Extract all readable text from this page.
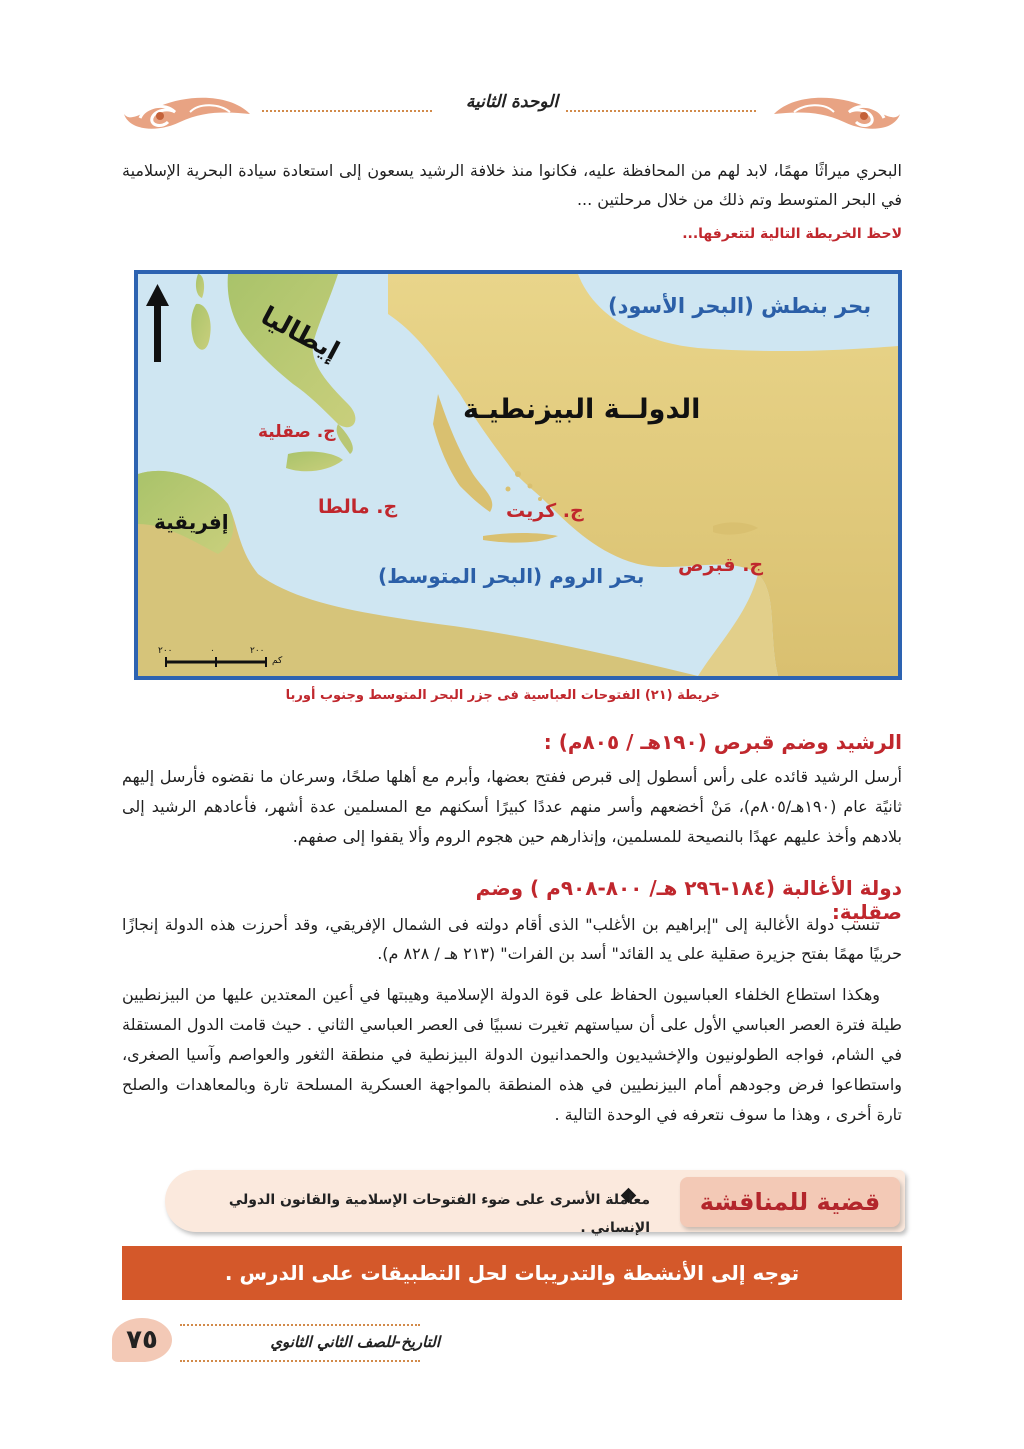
الوحدة الثانية
البحري ميراثًا مهمًا، لابد لهم من المحافظة عليه، فكانوا منذ خلافة الرشيد يسعون إلى استعادة سيادة البحرية الإسلامية في البحر المتوسط وتم ذلك من خلال مرحلتين ...
لاحظ الخريطة التالية لتتعرفها...
بحر بنطش (البحر الأسود)
إيطاليا
الدولــة البيزنطيـة
ج. صقلية
ج. مالطا	ج. كريت
إفريقية
ج. قبرص
بحر الروم (البحر المتوسط)
٢٠٠
٠
٢٠٠
كم
خريطة (٢١) الفتوحات العباسية فى جزر البحر المتوسط وجنوب أوربا
الرشيد وضم قبرص (١٩٠هـ / ٨٠٥م) :
أرسل الرشيد قائده على رأس أسطول إلى قبرص ففتح بعضها، وأبرم مع أهلها صلحًا، وسرعان ما نقضوه فأرسل إليهم ثانيًة عام (١٩٠هـ/٨٠٥م)، مَنْ أخضعهم وأسر منهم عددًا كبيرًا أسكنهم مع المسلمين عدة أشهر، فأعادهم الرشيد إلى بلادهم وأخذ عليهم عهدًا بالنصيحة للمسلمين، وإنذارهم حين هجوم الروم وألا يقفوا إلى صفهم.
دولة الأغالبة (١٨٤-٢٩٦ هـ/ ٨٠٠-٩٠٨م ) وضم صقلية:
تنسب دولة الأغالبة إلى "إبراهيم بن الأغلب" الذى أقام دولته فى الشمال الإفريقي، وقد أحرزت هذه الدولة إنجازًا حربيًا مهمًا بفتح جزيرة صقلية على يد القائد" أسد بن الفرات" (٢١٣ هـ / ٨٢٨ م).
وهكذا استطاع الخلفاء العباسيون الحفاظ على قوة الدولة الإسلامية وهيبتها في أعين المعتدين عليها من البيزنطيين طيلة فترة العصر العباسي الأول على أن سياستهم تغيرت نسبيًا فى العصر العباسي الثاني . حيث قامت الدول المستقلة في الشام، فواجه الطولونيون والإخشيديون والحمدانيون الدولة البيزنطية في منطقة الثغور والعواصم وآسيا الصغرى، واستطاعوا فرض وجودهم أمام البيزنطيين في هذه المنطقة بالمواجهة العسكرية المسلحة تارة وبالمعاهدات والصلح تارة أخرى ، وهذا ما سوف نتعرفه في الوحدة التالية .
قضية للمناقشة
معاملة الأسرى على ضوء الفتوحات الإسلامية والقانون الدولي الإنساني .
توجه إلى الأنشطة والتدريبات لحل التطبيقات على الدرس .
التاريخ-للصف الثاني الثانوي
٧٥
